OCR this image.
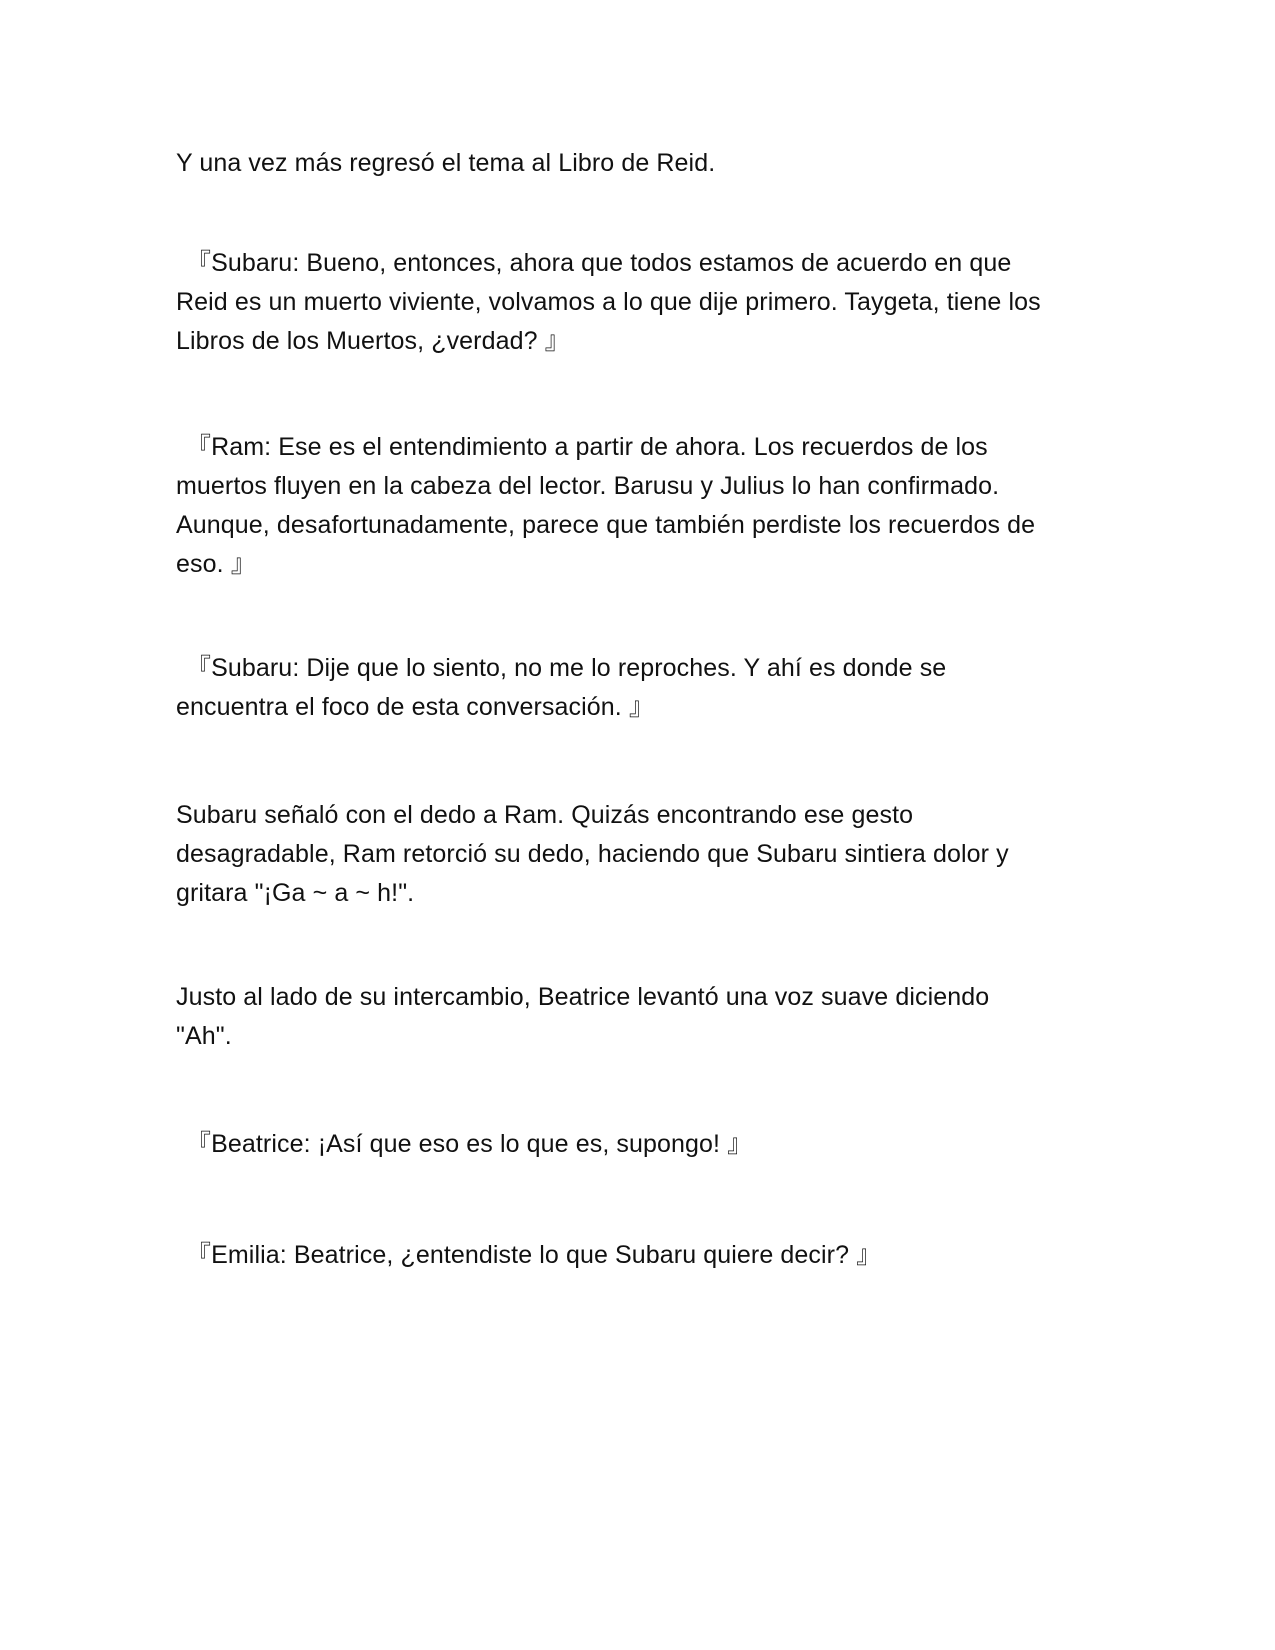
Y una vez más regresó el tema al Libro de Reid.

『Subaru: Bueno, entonces, ahora que todos estamos de acuerdo en que
Reid es un muerto viviente, volvamos a lo que dije primero. Taygeta, tiene los
Libros de los Muertos, ¿verdad? 』

『Ram: Ese es el entendimiento a partir de ahora. Los recuerdos de los
muertos fluyen en la cabeza del lector. Barusu y Julius lo han confirmado.
Aunque, desafortunadamente, parece que también perdiste los recuerdos de
eso. 』

『Subaru: Dije que lo siento, no me lo reproches. Y ahí es donde se
encuentra el foco de esta conversación. 』

Subaru señaló con el dedo a Ram. Quizás encontrando ese gesto
desagradable, Ram retorció su dedo, haciendo que Subaru sintiera dolor y
gritara "¡Ga ~ a ~ h!".

Justo al lado de su intercambio, Beatrice levantó una voz suave diciendo
"Ah".

『Beatrice: ¡Así que eso es lo que es, supongo! 』

『Emilia: Beatrice, ¿entendiste lo que Subaru quiere decir? 』
